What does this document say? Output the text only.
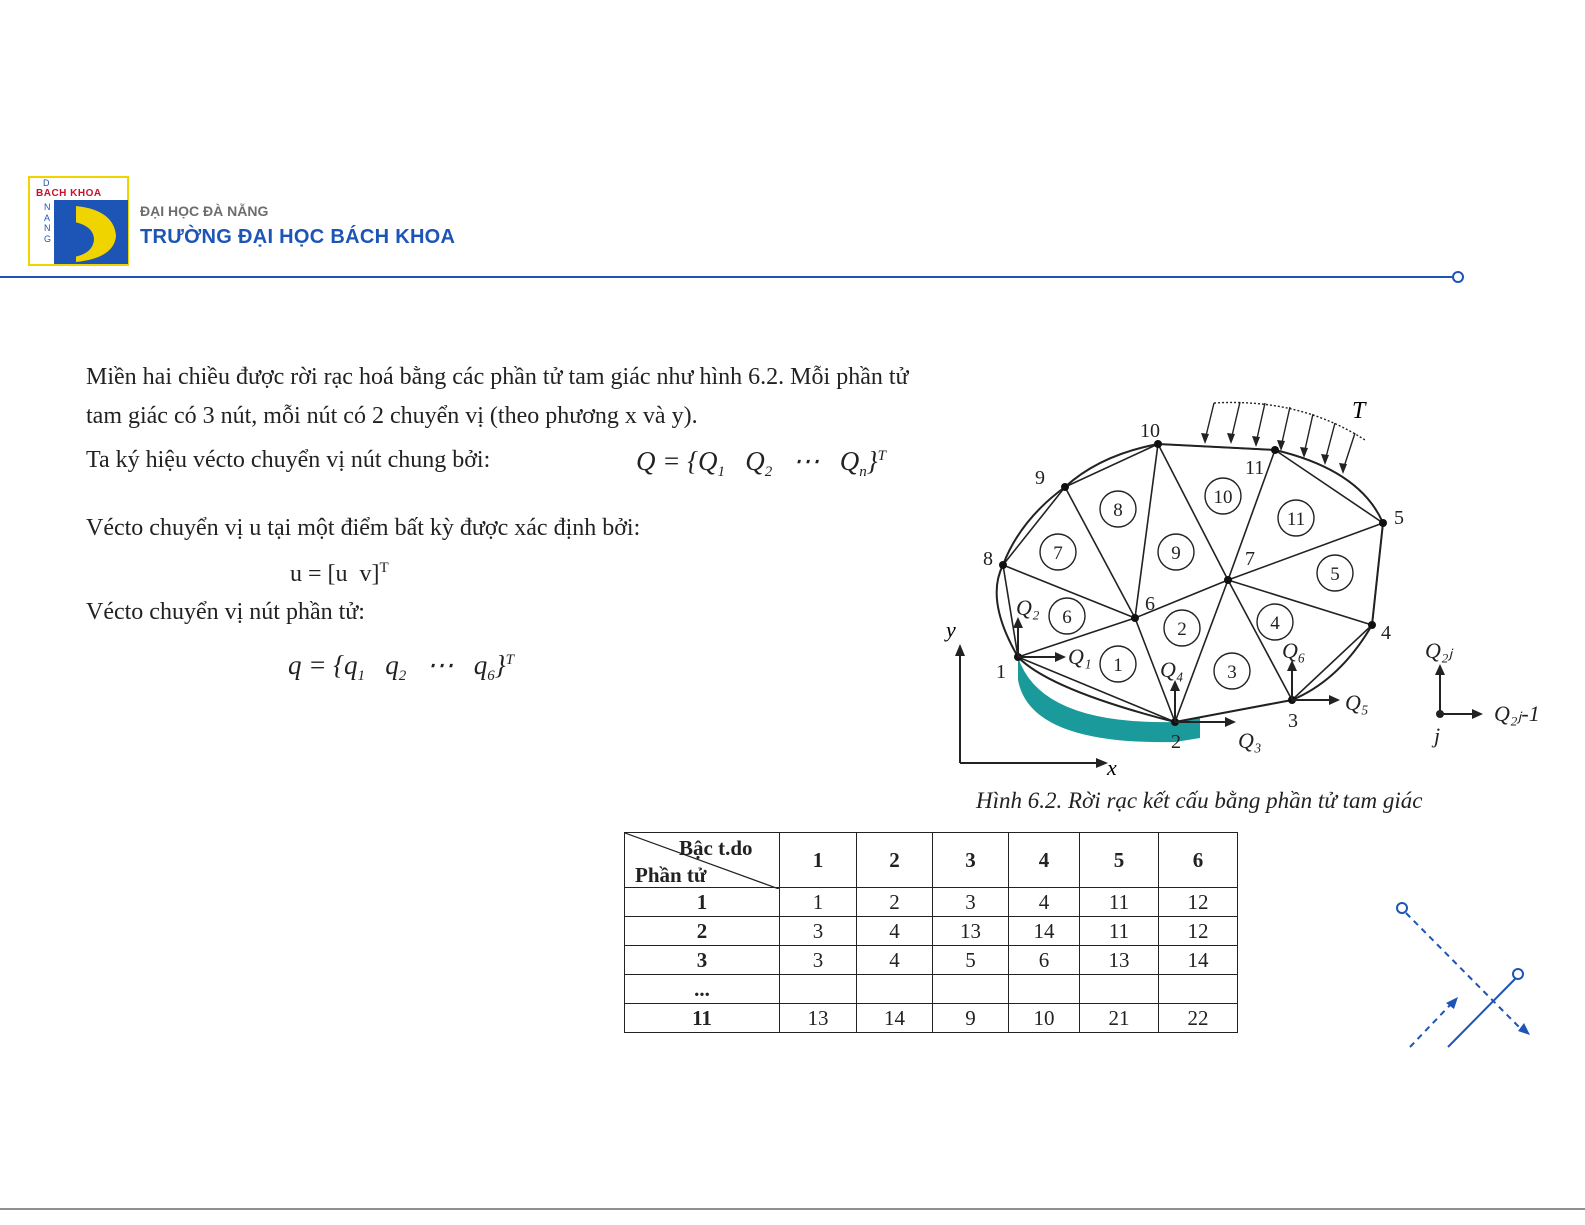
D
BACH KHOA
N
A
N
G
ĐẠI HỌC ĐÀ NẴNG
TRƯỜNG ĐẠI HỌC BÁCH KHOA
Miền hai chiều được rời rạc hoá bằng các phần tử tam giác như hình 6.2. Mỗi phần tử
tam giác có 3 nút, mỗi nút có 2 chuyển vị (theo phương x và y).
Ta ký hiệu vécto chuyển vị nút chung bởi:	$Q = \{Q_1$   $Q_2$   ⋯   $Q_n\}^T$
Vécto chuyển vị u tại một điểm bất kỳ được xác định bởi:
u = [u  v]$^T$
Vécto chuyển vị nút phần tử:
$q = \{q_1$   $q_2$   ⋯   $q_6\}^T$
1
2
3
4
5
6
7
8
9
10
11
1
2
3
4
5
6
7
8
9
10
11
T
x
y
Q₁
Q₂
Q₃
Q₄
Q₅
Q₆	Q₂ⱼ
Q₂ⱼ-1
j
Hình 6.2. Rời rạc kết cấu bằng phần tử tam giác
Bậc t.do
Phần tử	1	2	3	4	5	6
1	1	2	3	4	11	12
2	3	4	13	14	11	12
3	3	4	5	6	13	14
...						
11	13	14	9	10	21	22
